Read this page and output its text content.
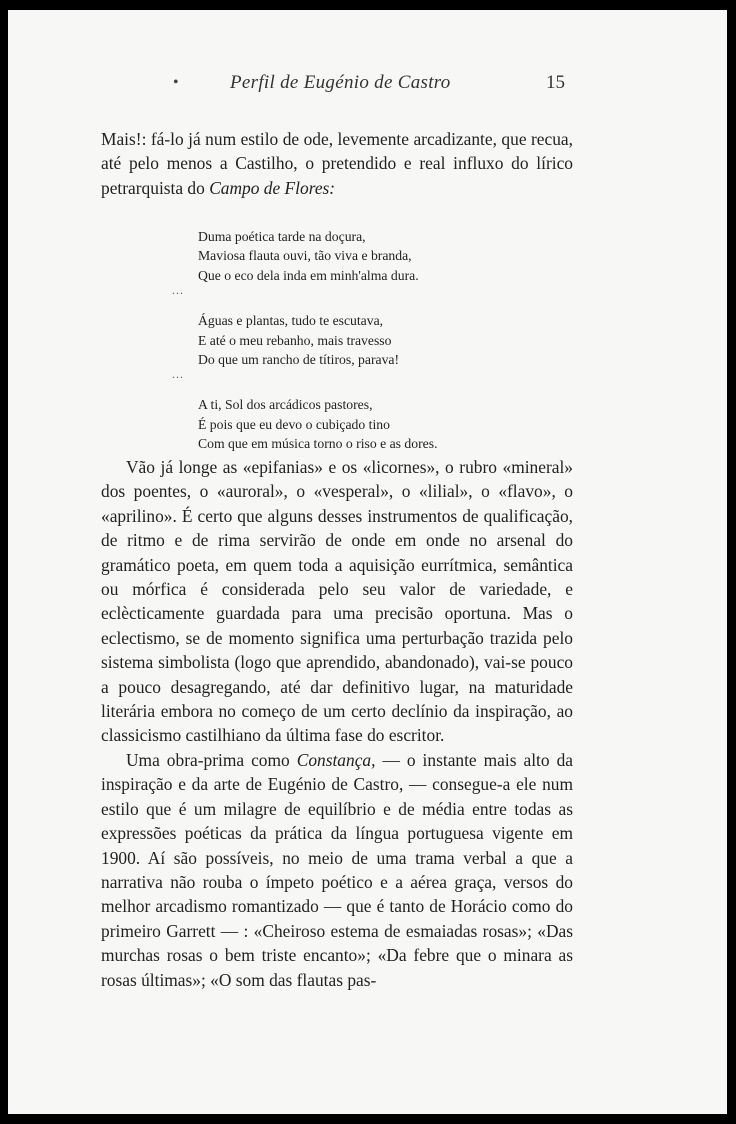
•	Perfil de Eugénio de Castro	15

Mais!: fá-lo já num estilo de ode, levemente arcadizante, que recua, até pelo menos a Castilho, o pretendido e real influxo do lírico petrarquista do Campo de Flores:

Duma poética tarde na doçura,
Maviosa flauta ouvi, tão viva e branda,
Que o eco dela inda em minh'alma dura.
...
Águas e plantas, tudo te escutava,
E até o meu rebanho, mais travesso
Do que um rancho de títiros, parava!
...
A ti, Sol dos arcádicos pastores,
É pois que eu devo o cubiçado tino
Com que em música torno o riso e as dores.

Vão já longe as «epifanias» e os «licornes», o rubro «mineral» dos poentes, o «auroral», o «vesperal», o «lilial», o «flavo», o «aprilino». É certo que alguns desses instrumentos de qualificação, de ritmo e de rima servirão de onde em onde no arsenal do gramático poeta, em quem toda a aquisição eurrítmica, semântica ou mórfica é considerada pelo seu valor de variedade, e eclècticamente guardada para uma precisão oportuna. Mas o eclectismo, se de momento significa uma perturbação trazida pelo sistema simbolista (logo que aprendido, abandonado), vai-se pouco a pouco desagregando, até dar definitivo lugar, na maturidade literária embora no começo de um certo declínio da inspiração, ao classicismo castilhiano da última fase do escritor.

Uma obra-prima como Constança, — o instante mais alto da inspiração e da arte de Eugénio de Castro, — consegue-a ele num estilo que é um milagre de equilíbrio e de média entre todas as expressões poéticas da prática da língua portuguesa vigente em 1900. Aí são possíveis, no meio de uma trama verbal a que a narrativa não rouba o ímpeto poético e a aérea graça, versos do melhor arcadismo romantizado — que é tanto de Horácio como do primeiro Garrett — : «Cheiroso estema de esmaiadas rosas»; «Das murchas rosas o bem triste encanto»; «Da febre que o minara as rosas últimas»; «O som das flautas pas-
